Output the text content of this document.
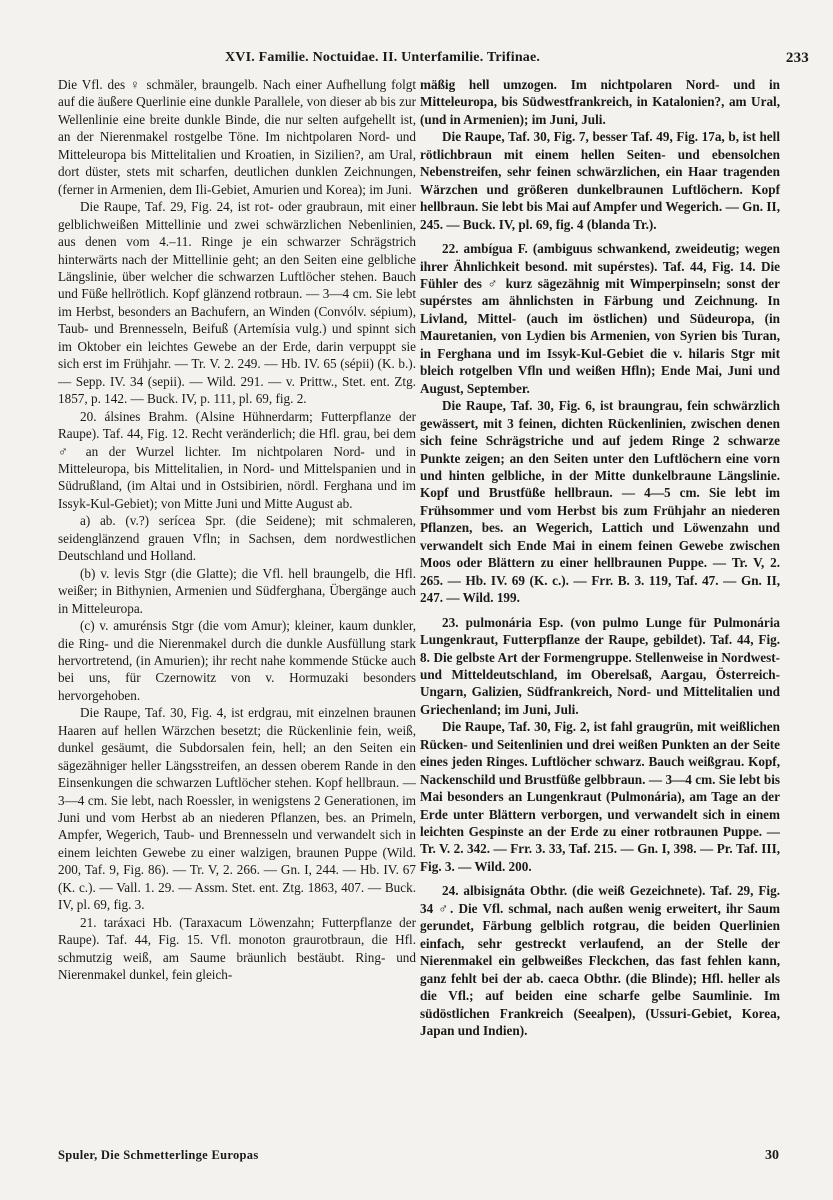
XVI. Familie. Noctuidae. II. Unterfamilie. Trifinae.	233

Die Vfl. des ♀ schmäler, braungelb. Nach einer Aufhellung folgt auf die äußere Querlinie eine dunkle Parallele, von dieser ab bis zur Wellenlinie eine breite dunkle Binde, die nur selten aufgehellt ist, an der Nierenmakel rostgelbe Töne. Im nichtpolaren Nord- und Mitteleuropa bis Mittelitalien und Kroatien, in Sizilien?, am Ural, dort düster, stets mit scharfen, deutlichen dunklen Zeichnungen, (ferner in Armenien, dem Ili-Gebiet, Amurien und Korea); im Juni.

Die Raupe, Taf. 29, Fig. 24, ist rot- oder graubraun, mit einer gelblichweißen Mittellinie und zwei schwärzlichen Nebenlinien, aus denen vom 4.–11. Ringe je ein schwarzer Schrägstrich hinterwärts nach der Mittellinie geht; an den Seiten eine gelbliche Längslinie, über welcher die schwarzen Luftlöcher stehen. Bauch und Füße hellrötlich. Kopf glänzend rotbraun. — 3—4 cm. Sie lebt im Herbst, besonders an Bachufern, an Winden (Convólv. sépium), Taub- und Brennesseln, Beifuß (Artemísia vulg.) und spinnt sich im Oktober ein leichtes Gewebe an der Erde, darin verpuppt sie sich erst im Frühjahr. — Tr. V. 2. 249. — Hb. IV. 65 (sépii) (K. b.). — Sepp. IV. 34 (sepii). — Wild. 291. — v. Prittw., Stet. ent. Ztg. 1857, p. 142. — Buck. IV, p. 111, pl. 69, fig. 2.

20. álsines Brahm. (Alsine Hühnerdarm; Futterpflanze der Raupe). Taf. 44, Fig. 12. Recht veränderlich; die Hfl. grau, bei dem ♂ an der Wurzel lichter. Im nichtpolaren Nord- und in Mitteleuropa, bis Mittelitalien, in Nord- und Mittelspanien und in Südrußland, (im Altai und in Ostsibirien, nördl. Ferghana und im Issyk-Kul-Gebiet); von Mitte Juni und Mitte August ab.

a) ab. (v.?) serícea Spr. (die Seidene); mit schmaleren, seidenglänzend grauen Vfln; in Sachsen, dem nordwestlichen Deutschland und Holland.

(b) v. levis Stgr (die Glatte); die Vfl. hell braungelb, die Hfl. weißer; in Bithynien, Armenien und Südferghana, Übergänge auch in Mitteleuropa.

(c) v. amurénsis Stgr (die vom Amur); kleiner, kaum dunkler, die Ring- und die Nierenmakel durch die dunkle Ausfüllung stark hervortretend, (in Amurien); ihr recht nahe kommende Stücke auch bei uns, für Czernowitz von v. Hormuzaki besonders hervorgehoben.

Die Raupe, Taf. 30, Fig. 4, ist erdgrau, mit einzelnen braunen Haaren auf hellen Wärzchen besetzt; die Rückenlinie fein, weiß, dunkel gesäumt, die Subdorsalen fein, hell; an den Seiten ein sägezähniger heller Längsstreifen, an dessen oberem Rande in den Einsenkungen die schwarzen Luftlöcher stehen. Kopf hellbraun. — 3—4 cm. Sie lebt, nach Roessler, in wenigstens 2 Generationen, im Juni und vom Herbst ab an niederen Pflanzen, bes. an Primeln, Ampfer, Wegerich, Taub- und Brennesseln und verwandelt sich in einem leichten Gewebe zu einer walzigen, braunen Puppe (Wild. 200, Taf. 9, Fig. 86). — Tr. V, 2. 266. — Gn. I, 244. — Hb. IV. 67 (K. c.). — Vall. 1. 29. — Assm. Stet. ent. Ztg. 1863, 407. — Buck. IV, pl. 69, fig. 3.

21. taráxaci Hb. (Taraxacum Löwenzahn; Futterpflanze der Raupe). Taf. 44, Fig. 15. Vfl. monoton graurotbraun, die Hfl. schmutzig weiß, am Saume bräunlich bestäubt. Ring- und Nierenmakel dunkel, fein gleich-

mäßig hell umzogen. Im nichtpolaren Nord- und in Mitteleuropa, bis Südwestfrankreich, in Katalonien?, am Ural, (und in Armenien); im Juni, Juli.

Die Raupe, Taf. 30, Fig. 7, besser Taf. 49, Fig. 17a, b, ist hell rötlichbraun mit einem hellen Seiten- und ebensolchen Nebenstreifen, sehr feinen schwärzlichen, ein Haar tragenden Wärzchen und größeren dunkelbraunen Luftlöchern. Kopf hellbraun. Sie lebt bis Mai auf Ampfer und Wegerich. — Gn. II, 245. — Buck. IV, pl. 69, fig. 4 (blanda Tr.).

22. ambígua F. (ambiguus schwankend, zweideutig; wegen ihrer Ähnlichkeit besond. mit supérstes). Taf. 44, Fig. 14. Die Fühler des ♂ kurz sägezähnig mit Wimperpinseln; sonst der supérstes am ähnlichsten in Färbung und Zeichnung. In Livland, Mittel- (auch im östlichen) und Südeuropa, (in Mauretanien, von Lydien bis Armenien, von Syrien bis Turan, in Ferghana und im Issyk-Kul-Gebiet die v. hilaris Stgr mit bleich rotgelben Vfln und weißen Hfln); Ende Mai, Juni und August, September.

Die Raupe, Taf. 30, Fig. 6, ist braungrau, fein schwärzlich gewässert, mit 3 feinen, dichten Rückenlinien, zwischen denen sich feine Schrägstriche und auf jedem Ringe 2 schwarze Punkte zeigen; an den Seiten unter den Luftlöchern eine vorn und hinten gelbliche, in der Mitte dunkelbraune Längslinie. Kopf und Brustfüße hellbraun. — 4—5 cm. Sie lebt im Frühsommer und vom Herbst bis zum Frühjahr an niederen Pflanzen, bes. an Wegerich, Lattich und Löwenzahn und verwandelt sich Ende Mai in einem feinen Gewebe zwischen Moos oder Blättern zu einer hellbraunen Puppe. — Tr. V, 2. 265. — Hb. IV. 69 (K. c.). — Frr. B. 3. 119, Taf. 47. — Gn. II, 247. — Wild. 199.

23. pulmonária Esp. (von pulmo Lunge für Pulmonária Lungenkraut, Futterpflanze der Raupe, gebildet). Taf. 44, Fig. 8. Die gelbste Art der Formengruppe. Stellenweise in Nordwest- und Mitteldeutschland, im Oberelsaß, Aargau, Österreich-Ungarn, Galizien, Südfrankreich, Nord- und Mittelitalien und Griechenland; im Juni, Juli.

Die Raupe, Taf. 30, Fig. 2, ist fahl graugrün, mit weißlichen Rücken- und Seitenlinien und drei weißen Punkten an der Seite eines jeden Ringes. Luftlöcher schwarz. Bauch weißgrau. Kopf, Nackenschild und Brustfüße gelbbraun. — 3—4 cm. Sie lebt bis Mai besonders an Lungenkraut (Pulmonária), am Tage an der Erde unter Blättern verborgen, und verwandelt sich in einem leichten Gespinste an der Erde zu einer rotbraunen Puppe. — Tr. V. 2. 342. — Frr. 3. 33, Taf. 215. — Gn. I, 398. — Pr. Taf. III, Fig. 3. — Wild. 200.

24. albisignáta Obthr. (die weiß Gezeichnete). Taf. 29, Fig. 34 ♂. Die Vfl. schmal, nach außen wenig erweitert, ihr Saum gerundet, Färbung gelblich rotgrau, die beiden Querlinien einfach, sehr gestreckt verlaufend, an der Stelle der Nierenmakel ein gelbweißes Fleckchen, das fast fehlen kann, ganz fehlt bei der ab. caeca Obthr. (die Blinde); Hfl. heller als die Vfl.; auf beiden eine scharfe gelbe Saumlinie. Im südöstlichen Frankreich (Seealpen), (Ussuri-Gebiet, Korea, Japan und Indien).

Spuler, Die Schmetterlinge Europas	30
